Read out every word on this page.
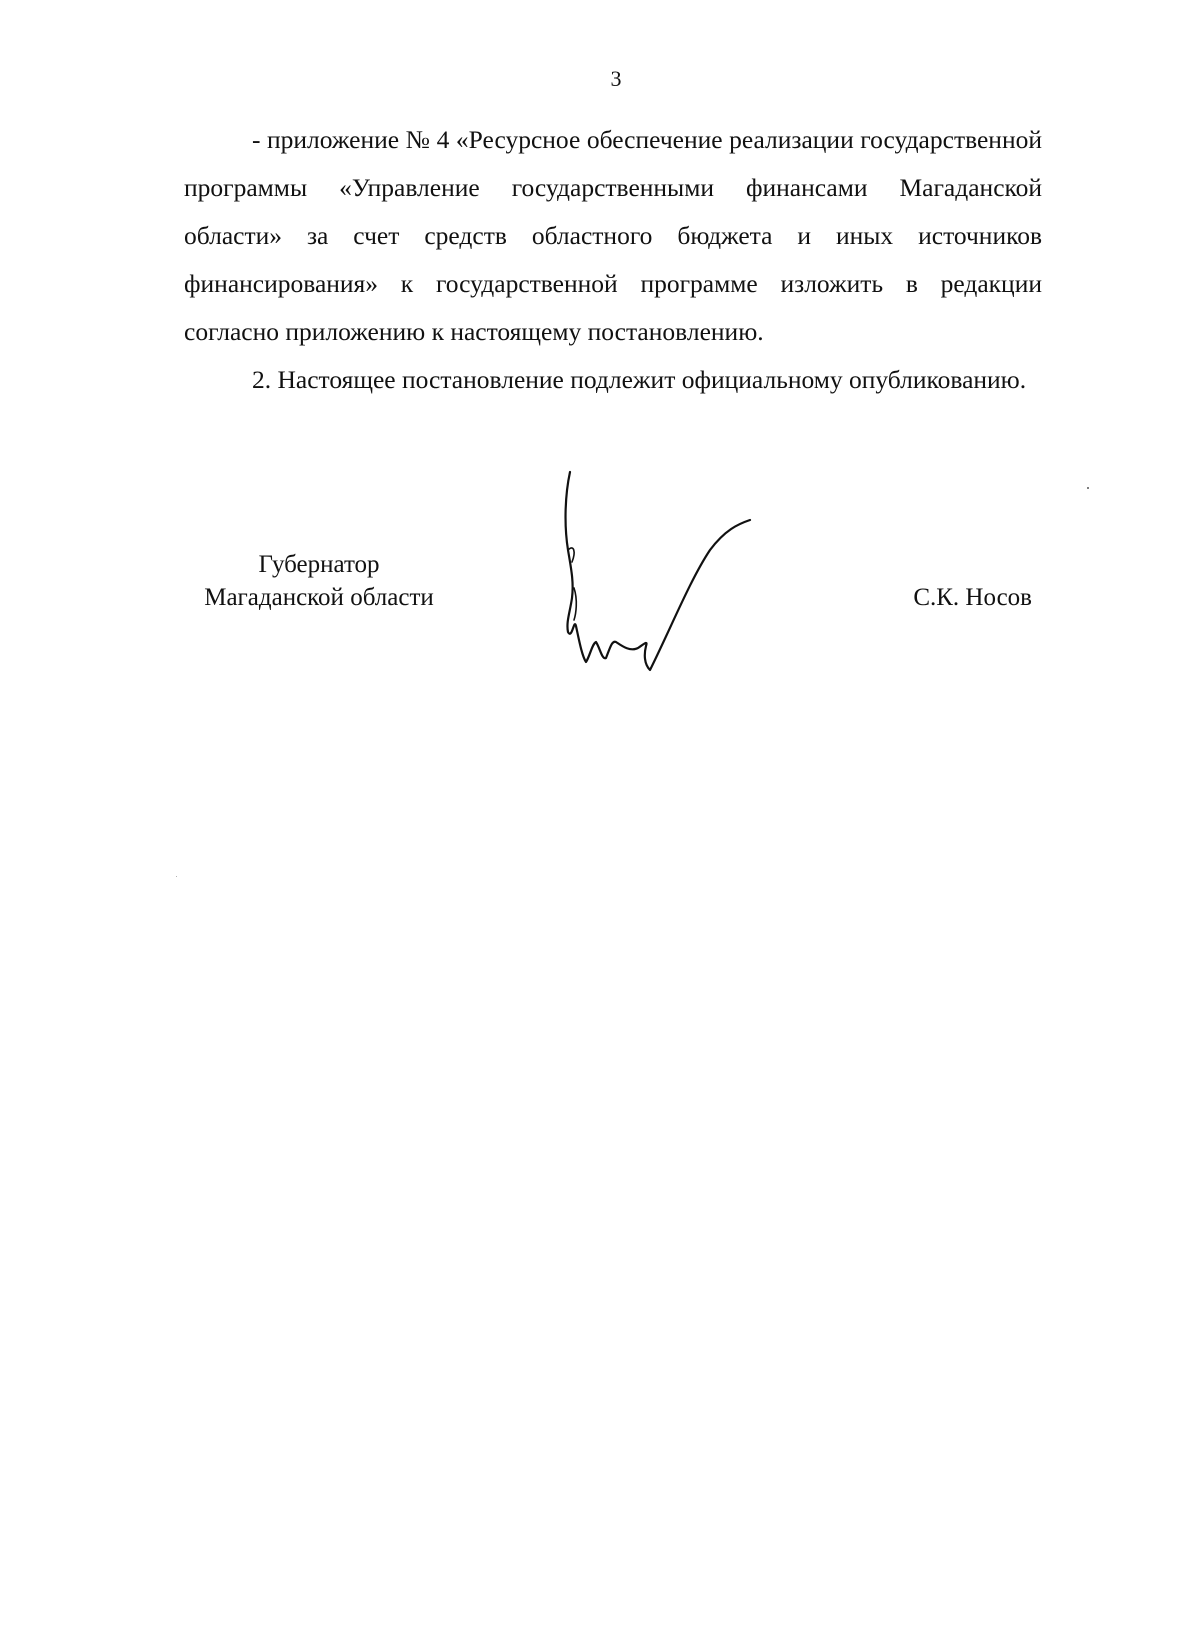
3

- приложение № 4 «Ресурсное обеспечение реализации государственной программы «Управление государственными финансами Магаданской области» за счет средств областного бюджета и иных источников финансирования» к государственной программе изложить в редакции согласно приложению к настоящему постановлению.

2. Настоящее постановление подлежит официальному опубликованию.

Губернатор
Магаданской области	С.К. Носов
